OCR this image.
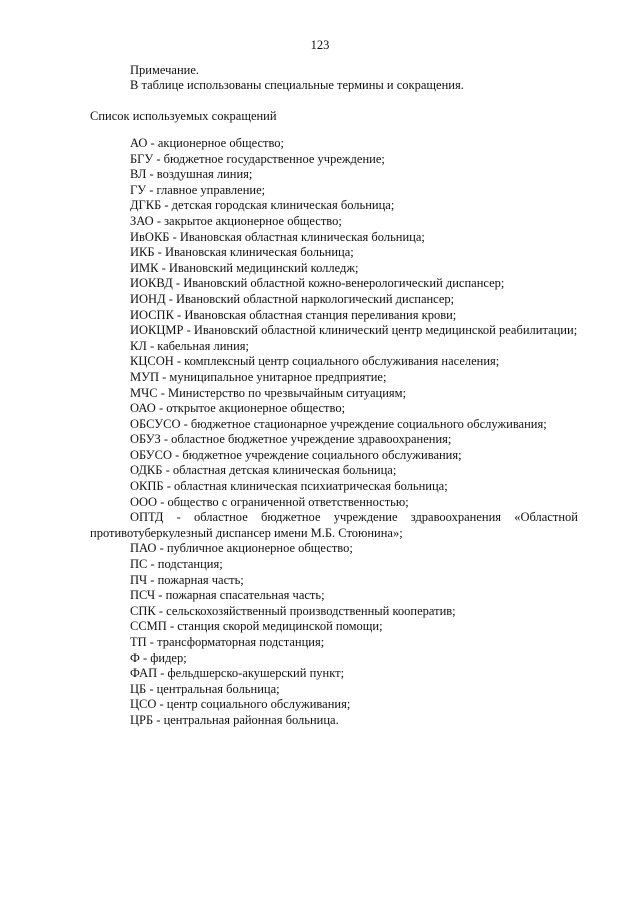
123
Примечание.
В таблице использованы специальные термины и сокращения.
Список используемых сокращений
АО - акционерное общество;
БГУ - бюджетное государственное учреждение;
ВЛ - воздушная линия;
ГУ - главное управление;
ДГКБ - детская городская клиническая больница;
ЗАО - закрытое акционерное общество;
ИвОКБ - Ивановская областная клиническая больница;
ИКБ - Ивановская клиническая больница;
ИМК - Ивановский медицинский колледж;
ИОКВД - Ивановский областной кожно-венерологический диспансер;
ИОНД - Ивановский областной наркологический диспансер;
ИОСПК - Ивановская областная станция переливания крови;
ИОКЦМР - Ивановский областной клинический центр медицинской реабилитации;
КЛ - кабельная линия;
КЦСОН - комплексный центр социального обслуживания населения;
МУП - муниципальное унитарное предприятие;
МЧС - Министерство по чрезвычайным ситуациям;
ОАО - открытое акционерное общество;
ОБСУСО - бюджетное стационарное учреждение социального обслуживания;
ОБУЗ - областное бюджетное учреждение здравоохранения;
ОБУСО - бюджетное учреждение социального обслуживания;
ОДКБ - областная детская клиническая больница;
ОКПБ - областная клиническая психиатрическая больница;
ООО - общество с ограниченной ответственностью;
ОПТД - областное бюджетное учреждение здравоохранения «Областной противотуберкулезный диспансер имени М.Б. Стоюнина»;
ПАО - публичное акционерное общество;
ПС - подстанция;
ПЧ - пожарная часть;
ПСЧ - пожарная спасательная часть;
СПК - сельскохозяйственный производственный кооператив;
ССМП - станция скорой медицинской помощи;
ТП - трансформаторная подстанция;
Ф - фидер;
ФАП - фельдшерско-акушерский пункт;
ЦБ - центральная больница;
ЦСО - центр социального обслуживания;
ЦРБ - центральная районная больница.
